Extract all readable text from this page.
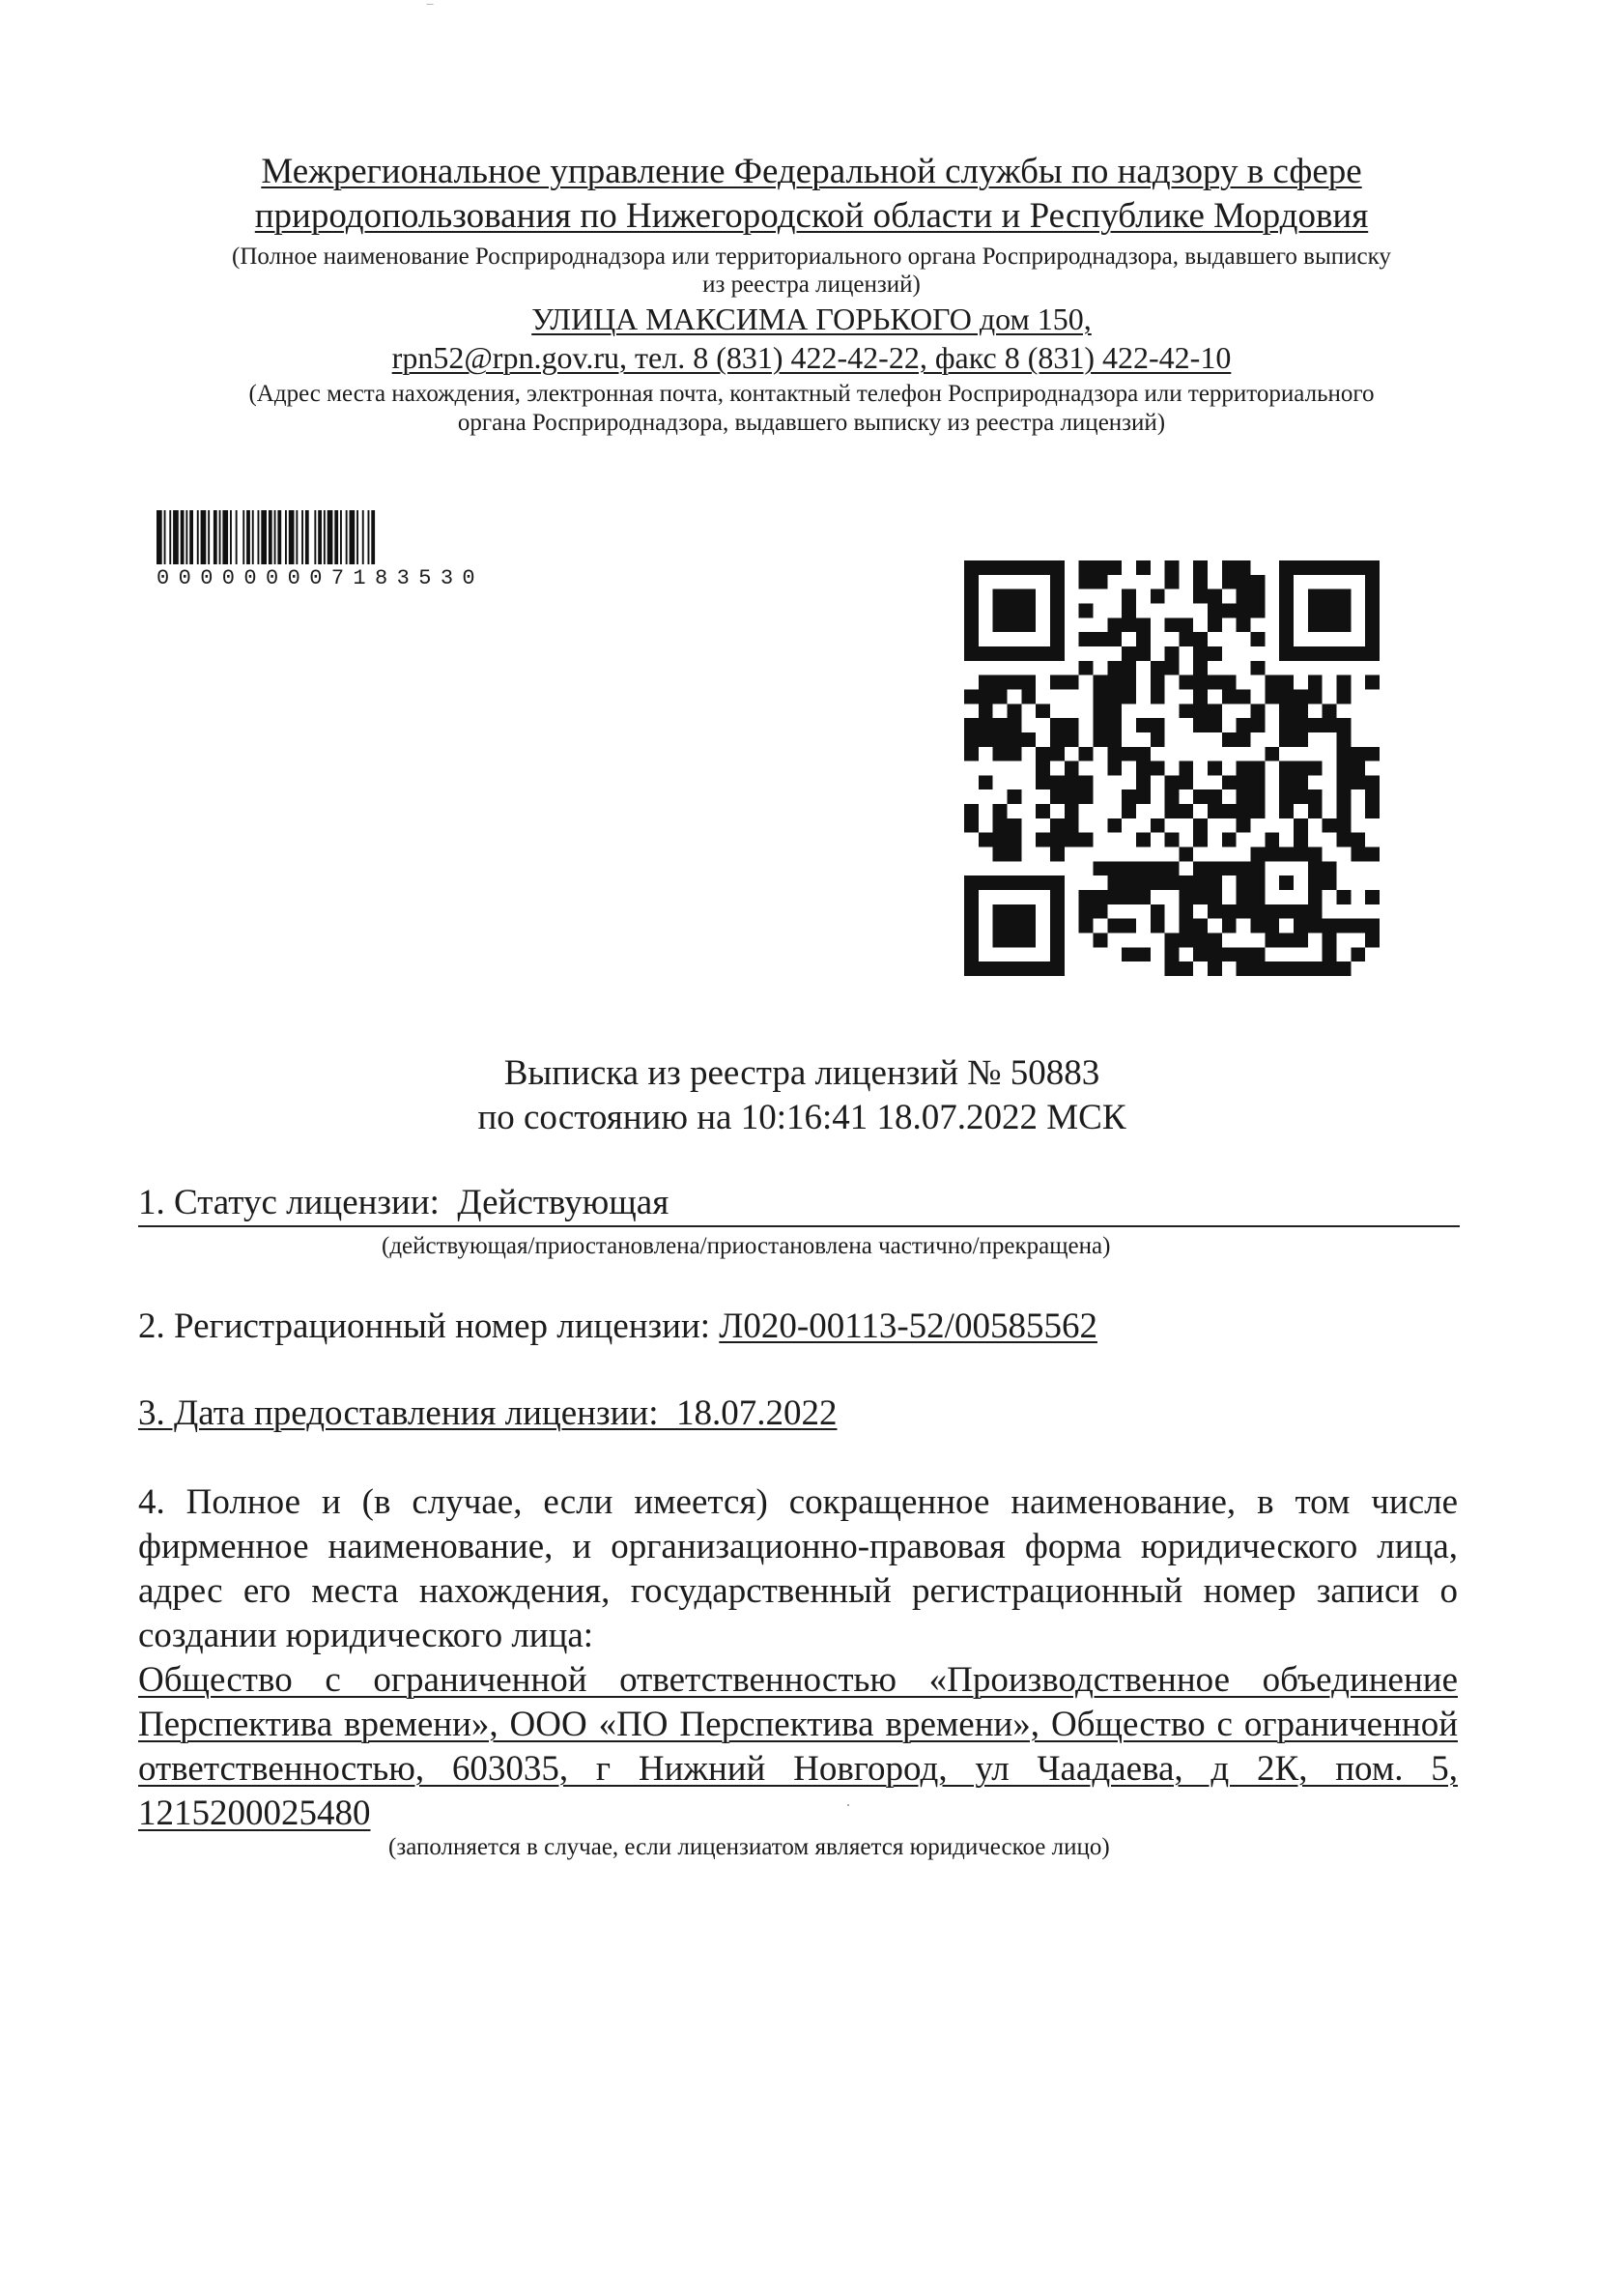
Межрегиональное управление Федеральной службы по надзору в сфере
природопользования по Нижегородской области и Республике Мордовия
(Полное наименование Росприроднадзора или территориального органа Росприроднадзора, выдавшего выписку
из реестра лицензий)
УЛИЦА МАКСИМА ГОРЬКОГО дом 150,
rpn52@rpn.gov.ru, тел. 8 (831) 422-42-22, факс 8 (831) 422-42-10
(Адрес места нахождения, электронная почта, контактный телефон Росприроднадзора или территориального
органа Росприроднадзора, выдавшего выписку из реестра лицензий)
000000007183530
Выписка из реестра лицензий № 50883
по состоянию на 10:16:41 18.07.2022 МСК
1. Статус лицензии: Действующая
(действующая/приостановлена/приостановлена частично/прекращена)
2. Регистрационный номер лицензии: Л020-00113-52/00585562
3. Дата предоставления лицензии: 18.07.2022
4. Полное и (в случае, если имеется) сокращенное наименование, в том числе фирменное наименование, и организационно-правовая форма юридического лица, адрес его места нахождения, государственный регистрационный номер записи о создании юридического лица:
Общество с ограниченной ответственностью «Производственное объединение Перспектива времени», ООО «ПО Перспектива времени», Общество с ограниченной ответственностью, 603035, г Нижний Новгород, ул Чаадаева, д 2К, пом. 5, 1215200025480
(заполняется в случае, если лицензиатом является юридическое лицо)
‾
·
